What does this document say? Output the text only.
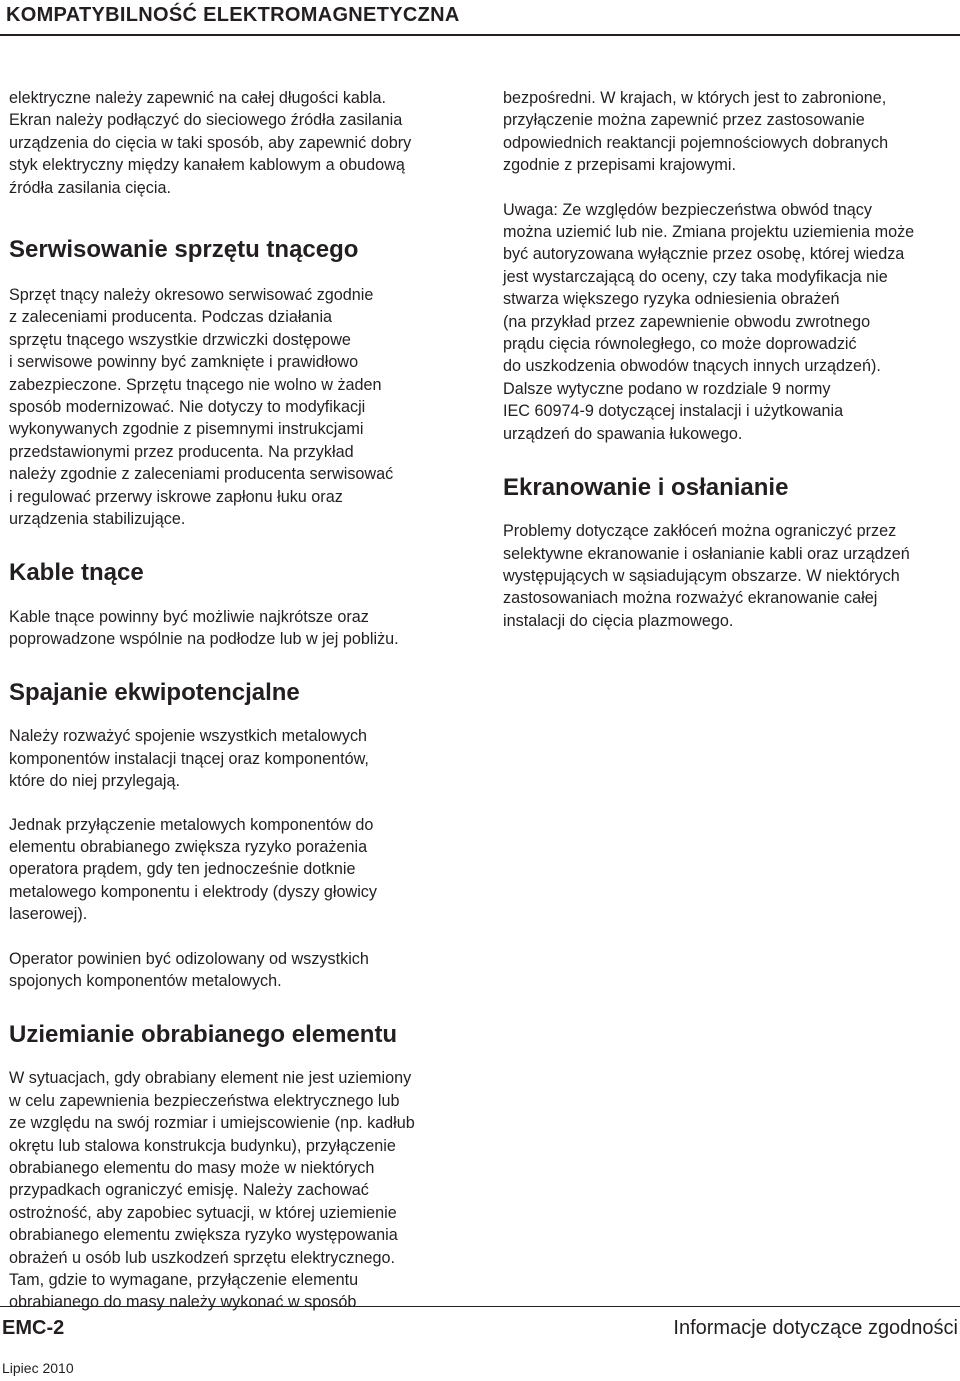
KOMPATYBILNOŚĆ ELEKTROMAGNETYCZNA

elektryczne należy zapewnić na całej długości kabla.
Ekran należy podłączyć do sieciowego źródła zasilania
urządzenia do cięcia w taki sposób, aby zapewnić dobry
styk elektryczny między kanałem kablowym a obudową
źródła zasilania cięcia.

Serwisowanie sprzętu tnącego

Sprzęt tnący należy okresowo serwisować zgodnie
z zaleceniami producenta. Podczas działania
sprzętu tnącego wszystkie drzwiczki dostępowe
i serwisowe powinny być zamknięte i prawidłowo
zabezpieczone. Sprzętu tnącego nie wolno w żaden
sposób modernizować. Nie dotyczy to modyfikacji
wykonywanych zgodnie z pisemnymi instrukcjami
przedstawionymi przez producenta. Na przykład
należy zgodnie z zaleceniami producenta serwisować
i regulować przerwy iskrowe zapłonu łuku oraz
urządzenia stabilizujące.

Kable tnące

Kable tnące powinny być możliwie najkrótsze oraz
poprowadzone wspólnie na podłodze lub w jej pobliżu.

Spajanie ekwipotencjalne

Należy rozważyć spojenie wszystkich metalowych
komponentów instalacji tnącej oraz komponentów,
które do niej przylegają.

Jednak przyłączenie metalowych komponentów do
elementu obrabianego zwiększa ryzyko porażenia
operatora prądem, gdy ten jednocześnie dotknie
metalowego komponentu i elektrody (dyszy głowicy
laserowej).

Operator powinien być odizolowany od wszystkich
spojonych komponentów metalowych.

Uziemianie obrabianego elementu

W sytuacjach, gdy obrabiany element nie jest uziemiony
w celu zapewnienia bezpieczeństwa elektrycznego lub
ze względu na swój rozmiar i umiejscowienie (np. kadłub
okrętu lub stalowa konstrukcja budynku), przyłączenie
obrabianego elementu do masy może w niektórych
przypadkach ograniczyć emisję. Należy zachować
ostrożność, aby zapobiec sytuacji, w której uziemienie
obrabianego elementu zwiększa ryzyko występowania
obrażeń u osób lub uszkodzeń sprzętu elektrycznego.
Tam, gdzie to wymagane, przyłączenie elementu
obrabianego do masy należy wykonać w sposób

bezpośredni. W krajach, w których jest to zabronione,
przyłączenie można zapewnić przez zastosowanie
odpowiednich reaktancji pojemnościowych dobranych
zgodnie z przepisami krajowymi.

Uwaga: Ze względów bezpieczeństwa obwód tnący
można uziemić lub nie. Zmiana projektu uziemienia może
być autoryzowana wyłącznie przez osobę, której wiedza
jest wystarczającą do oceny, czy taka modyfikacja nie
stwarza większego ryzyka odniesienia obrażeń
(na przykład przez zapewnienie obwodu zwrotnego
prądu cięcia równoległego, co może doprowadzić
do uszkodzenia obwodów tnących innych urządzeń).
Dalsze wytyczne podano w rozdziale 9 normy
IEC 60974-9 dotyczącej instalacji i użytkowania
urządzeń do spawania łukowego.

Ekranowanie i osłanianie

Problemy dotyczące zakłóceń można ograniczyć przez
selektywne ekranowanie i osłanianie kabli oraz urządzeń
występujących w sąsiadującym obszarze. W niektórych
zastosowaniach można rozważyć ekranowanie całej
instalacji do cięcia plazmowego.

EMC-2	Informacje dotyczące zgodności
Lipiec 2010
